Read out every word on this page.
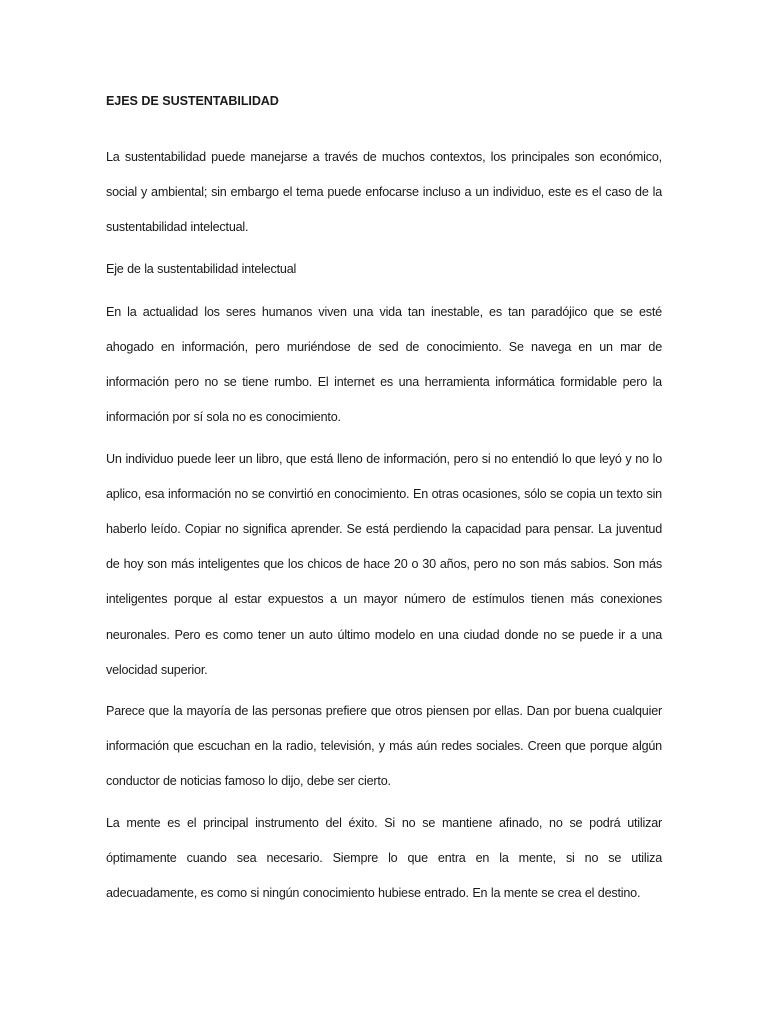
EJES DE SUSTENTABILIDAD
La sustentabilidad puede manejarse a través de muchos contextos, los principales son económico, social y ambiental; sin embargo el tema puede enfocarse incluso a un individuo, este es el caso de la sustentabilidad intelectual.
Eje de la sustentabilidad intelectual
En la actualidad los seres humanos viven una vida tan inestable, es tan paradójico que se esté ahogado en información, pero muriéndose de sed de conocimiento. Se navega en un mar de información pero no se tiene rumbo. El internet es una herramienta informática formidable pero la información por sí sola no es conocimiento.
Un individuo puede leer un libro, que está lleno de información, pero si no entendió lo que leyó y no lo aplico, esa información no se convirtió en conocimiento. En otras ocasiones, sólo se copia un texto sin haberlo leído. Copiar no significa aprender. Se está perdiendo la capacidad para pensar. La juventud de hoy son más inteligentes que los chicos de hace 20 o 30 años, pero no son más sabios. Son más inteligentes porque al estar expuestos a un mayor número de estímulos tienen más conexiones neuronales. Pero es como tener un auto último modelo en una ciudad donde no se puede ir a una velocidad superior.
Parece que la mayoría de las personas prefiere que otros piensen por ellas. Dan por buena cualquier información que escuchan en la radio, televisión, y más aún redes sociales. Creen que porque algún conductor de noticias famoso lo dijo, debe ser cierto.
La mente es el principal instrumento del éxito. Si no se mantiene afinado, no se podrá utilizar óptimamente cuando sea necesario. Siempre lo que entra en la mente, si no se utiliza adecuadamente, es como si ningún conocimiento hubiese entrado. En la mente se crea el destino.
